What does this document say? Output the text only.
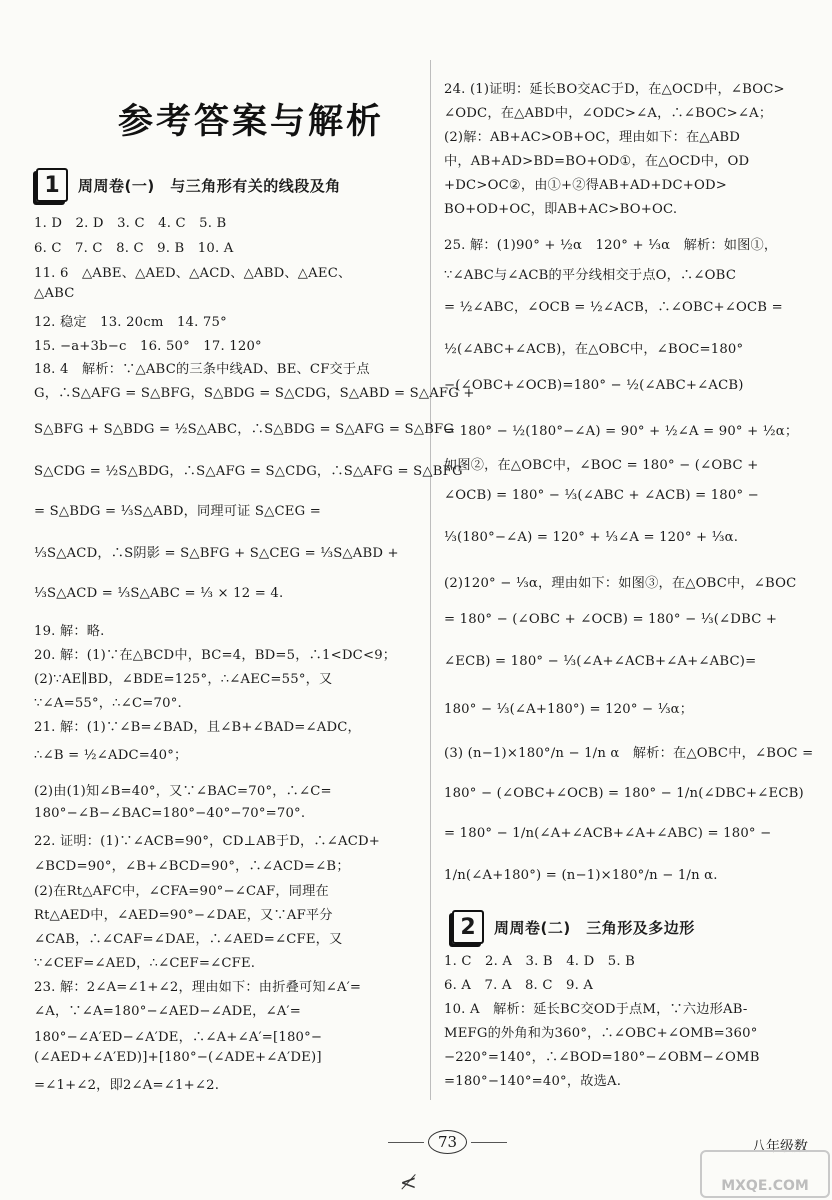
参考答案与解析
1	周周卷(一)　与三角形有关的线段及角
1. D　2. D　3. C　4. C　5. B
6. C　7. C　8. C　9. B　10. A
11. 6　△ABE、△AED、△ACD、△ABD、△AEC、
△ABC
12. 稳定　13. 20cm　14. 75°
15. −a+3b−c　16. 50°　17. 120°
18. 4　解析：∵△ABC的三条中线AD、BE、CF交于点
G，∴S△AFG = S△BFG，S△BDG = S△CDG，S△ABD = S△AFG +
S△BFG + S△BDG = ½S△ABC，∴S△BDG = S△AFG = S△BFG
S△CDG = ½S△BDG，∴S△AFG = S△CDG，∴S△AFG = S△BFG
= S△BDG = ⅓S△ABD，同理可证 S△CEG =
⅓S△ACD，∴S阴影 = S△BFG + S△CEG = ⅓S△ABD +
⅓S△ACD = ⅓S△ABC = ⅓ × 12 = 4.
19. 解：略.
20. 解：(1)∵在△BCD中，BC=4，BD=5，∴1<DC<9；
(2)∵AE∥BD，∠BDE=125°，∴∠AEC=55°，又
∵∠A=55°，∴∠C=70°.
21. 解：(1)∵∠B=∠BAD，且∠B+∠BAD=∠ADC，
∴∠B = ½∠ADC=40°；
(2)由(1)知∠B=40°，又∵∠BAC=70°，∴∠C=
180°−∠B−∠BAC=180°−40°−70°=70°.
22. 证明：(1)∵∠ACB=90°，CD⊥AB于D，∴∠ACD+
∠BCD=90°，∠B+∠BCD=90°，∴∠ACD=∠B；
(2)在Rt△AFC中，∠CFA=90°−∠CAF，同理在
Rt△AED中，∠AED=90°−∠DAE，又∵AF平分
∠CAB，∴∠CAF=∠DAE，∴∠AED=∠CFE，又
∵∠CEF=∠AED，∴∠CEF=∠CFE.
23. 解：2∠A=∠1+∠2，理由如下：由折叠可知∠A′=
∠A，∵∠A=180°−∠AED−∠ADE，∠A′=
180°−∠A′ED−∠A′DE，∴∠A+∠A′=[180°−
(∠AED+∠A′ED)]+[180°−(∠ADE+∠A′DE)]
=∠1+∠2，即2∠A=∠1+∠2.
24. (1)证明：延长BO交AC于D，在△OCD中，∠BOC>
∠ODC，在△ABD中，∠ODC>∠A，∴∠BOC>∠A；
(2)解：AB+AC>OB+OC，理由如下：在△ABD
中，AB+AD>BD=BO+OD①，在△OCD中，OD
+DC>OC②，由①+②得AB+AD+DC+OD>
BO+OD+OC，即AB+AC>BO+OC.
25. 解：(1)90° + ½α　120° + ⅓α　解析：如图①，
∵∠ABC与∠ACB的平分线相交于点O，∴∠OBC
= ½∠ABC，∠OCB = ½∠ACB，∴∠OBC+∠OCB =
½(∠ABC+∠ACB)，在△OBC中，∠BOC=180°
−(∠OBC+∠OCB)=180° − ½(∠ABC+∠ACB)
= 180° − ½(180°−∠A) = 90° + ½∠A = 90° + ½α；
如图②，在△OBC中，∠BOC = 180° − (∠OBC +
∠OCB) = 180° − ⅓(∠ABC + ∠ACB) = 180° −
⅓(180°−∠A) = 120° + ⅓∠A = 120° + ⅓α.
(2)120° − ⅓α，理由如下：如图③，在△OBC中，∠BOC
= 180° − (∠OBC + ∠OCB) = 180° − ⅓(∠DBC +
∠ECB) = 180° − ⅓(∠A+∠ACB+∠A+∠ABC)=
180° − ⅓(∠A+180°) = 120° − ⅓α；
(3) (n−1)×180°/n − 1/n α　解析：在△OBC中，∠BOC =
180° − (∠OBC+∠OCB) = 180° − 1/n(∠DBC+∠ECB)
= 180° − 1/n(∠A+∠ACB+∠A+∠ABC) = 180° −
1/n(∠A+180°) = (n−1)×180°/n − 1/n α.
1. C　2. A　3. B　4. D　5. B
6. A　7. A　8. C　9. A
10. A　解析：延长BC交OD于点M，∵六边形AB-
MEFG的外角和为360°，∴∠OBC+∠OMB=360°
−220°=140°，∴∠BOD=180°−∠OBM−∠OMB
=180°−140°=40°，故选A.
2	周周卷(二)　三角形及多边形
73	八年级数
≮	MXQE.COM
